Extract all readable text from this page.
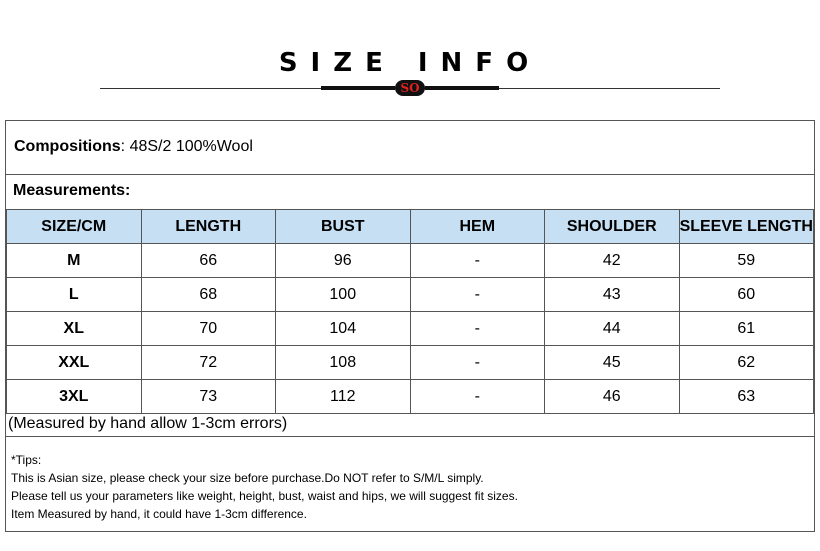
SIZE INFO
SO
Compositions: 48S/2 100%Wool
Measurements:
SIZE/CM	LENGTH	BUST	HEM	SHOULDER	SLEEVE LENGTH
M	66	96	-	42	59
L	68	100	-	43	60
XL	70	104	-	44	61
XXL	72	108	-	45	62
3XL	73	112	-	46	63
(Measured by hand allow 1-3cm errors)
*Tips:
This is Asian size, please check your size before purchase.Do NOT refer to S/M/L simply.
Please tell us your parameters like weight, height, bust, waist and hips, we will suggest fit sizes.
Item Measured by hand, it could have 1-3cm difference.
